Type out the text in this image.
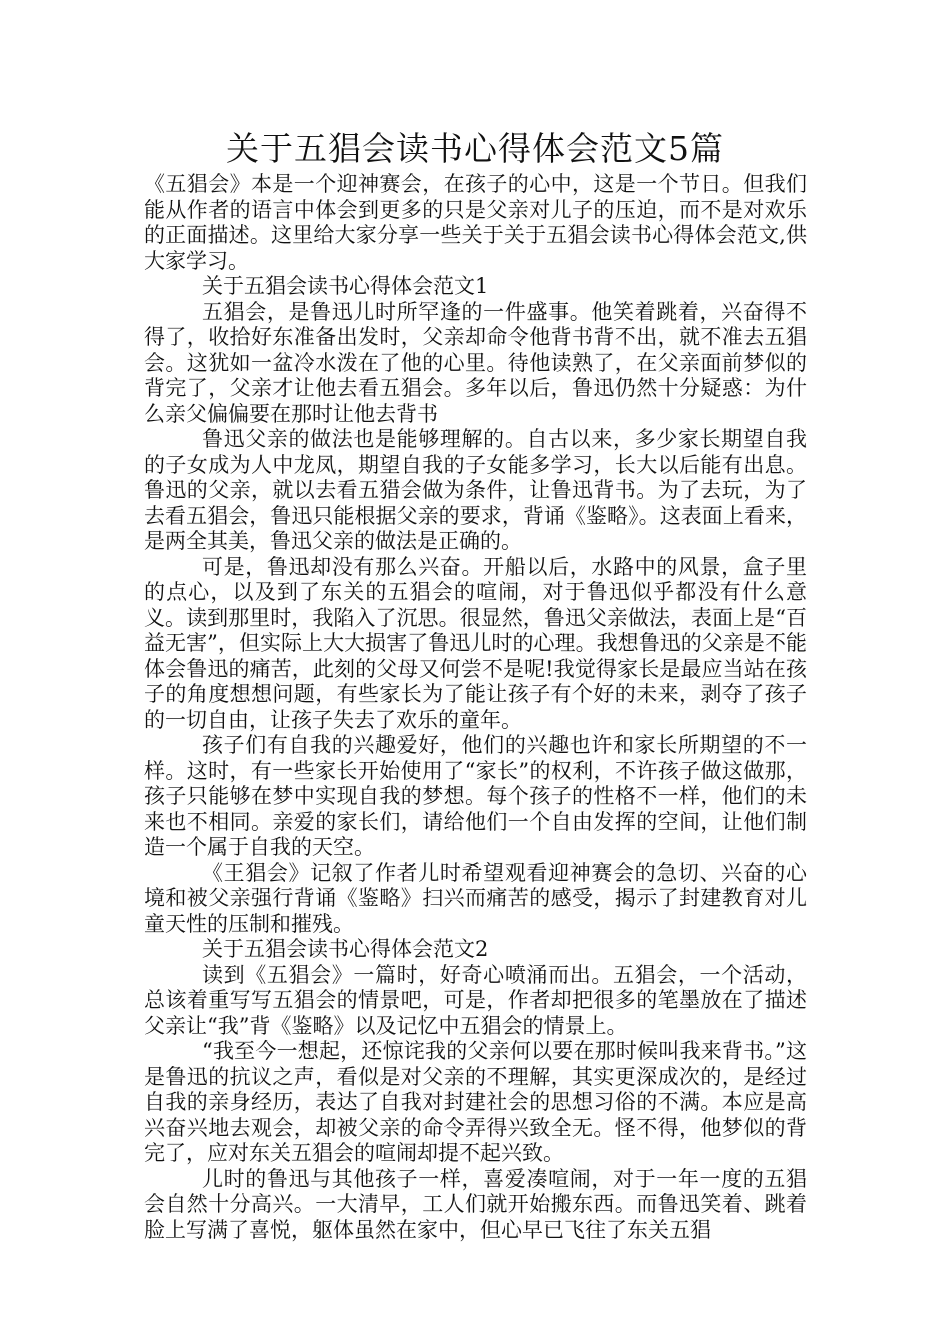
关于五猖会读书心得体会范文5篇

《五猖会》本是一个迎神赛会，在孩子的心中，这是一个节日。但我们能从作者的语言中体会到更多的只是父亲对儿子的压迫，而不是对欢乐的正面描述。这里给大家分享一些关于关于五猖会读书心得体会范文,供大家学习。

关于五猖会读书心得体会范文1

五猖会，是鲁迅儿时所罕逢的一件盛事。他笑着跳着，兴奋得不得了，收拾好东准备出发时，父亲却命令他背书背不出，就不准去五猖会。这犹如一盆冷水泼在了他的心里。待他读熟了，在父亲面前梦似的背完了，父亲才让他去看五猖会。多年以后，鲁迅仍然十分疑惑：为什么亲父偏偏要在那时让他去背书

鲁迅父亲的做法也是能够理解的。自古以来，多少家长期望自我的子女成为人中龙凤，期望自我的子女能多学习，长大以后能有出息。鲁迅的父亲，就以去看五猎会做为条件，让鲁迅背书。为了去玩，为了去看五猖会，鲁迅只能根据父亲的要求，背诵《鉴略》。这表面上看来，是两全其美，鲁迅父亲的做法是正确的。

可是，鲁迅却没有那么兴奋。开船以后，水路中的风景，盒子里的点心，以及到了东关的五猖会的喧闹，对于鲁迅似乎都没有什么意义。读到那里时，我陷入了沉思。很显然，鲁迅父亲做法，表面上是“百益无害”，但实际上大大损害了鲁迅儿时的心理。我想鲁迅的父亲是不能体会鲁迅的痛苦，此刻的父母又何尝不是呢!我觉得家长是最应当站在孩子的角度想想问题，有些家长为了能让孩子有个好的未来，剥夺了孩子的一切自由，让孩子失去了欢乐的童年。

孩子们有自我的兴趣爱好，他们的兴趣也许和家长所期望的不一样。这时，有一些家长开始使用了“家长”的权利，不许孩子做这做那，孩子只能够在梦中实现自我的梦想。每个孩子的性格不一样，他们的未来也不相同。亲爱的家长们，请给他们一个自由发挥的空间，让他们制造一个属于自我的天空。

《王猖会》记叙了作者儿时希望观看迎神赛会的急切、兴奋的心境和被父亲强行背诵《鉴略》扫兴而痛苦的感受，揭示了封建教育对儿童天性的压制和摧残。

关于五猖会读书心得体会范文2

读到《五猖会》一篇时，好奇心喷涌而出。五猖会，一个活动，总该着重写写五猖会的情景吧，可是，作者却把很多的笔墨放在了描述父亲让“我”背《鉴略》以及记忆中五猖会的情景上。

“我至今一想起，还惊诧我的父亲何以要在那时候叫我来背书。”这是鲁迅的抗议之声，看似是对父亲的不理解，其实更深成次的，是经过自我的亲身经历，表达了自我对封建社会的思想习俗的不满。本应是高兴奋兴地去观会，却被父亲的命令弄得兴致全无。怪不得，他梦似的背完了，应对东关五猖会的喧闹却提不起兴致。

儿时的鲁迅与其他孩子一样，喜爱凑喧闹，对于一年一度的五猖会自然十分高兴。一大清早，工人们就开始搬东西。而鲁迅笑着、跳着脸上写满了喜悦，躯体虽然在家中，但心早已飞往了东关五猖
